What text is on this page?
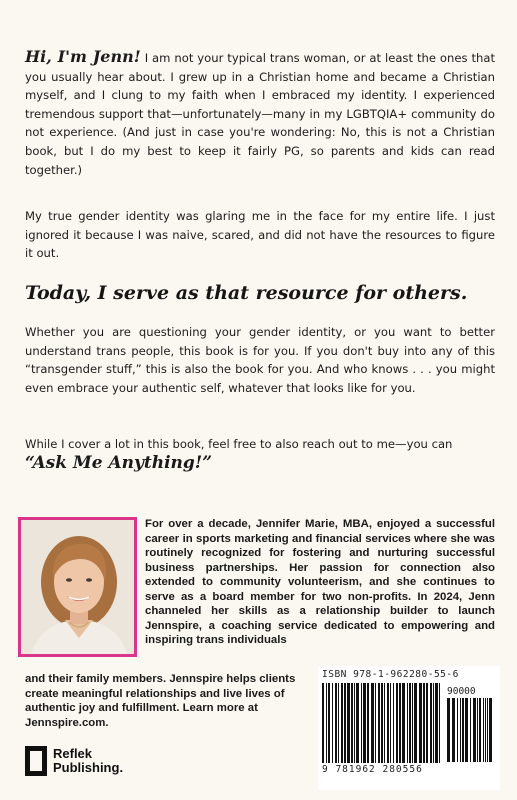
Hi, I'm Jenn! I am not your typical trans woman, or at least the ones that you usually hear about. I grew up in a Christian home and became a Christian myself, and I clung to my faith when I embraced my identity. I experienced tremendous support that—unfortunately—many in my LGBTQIA+ community do not experience. (And just in case you're wondering: No, this is not a Christian book, but I do my best to keep it fairly PG, so parents and kids can read together.)
My true gender identity was glaring me in the face for my entire life. I just ignored it because I was naive, scared, and did not have the resources to figure it out.
Today, I serve as that resource for others.
Whether you are questioning your gender identity, or you want to better understand trans people, this book is for you. If you don't buy into any of this “transgender stuff,” this is also the book for you. And who knows . . . you might even embrace your authentic self, whatever that looks like for you.
While I cover a lot in this book, feel free to also reach out to me—you can
“Ask Me Anything!”
For over a decade, Jennifer Marie, MBA, enjoyed a successful career in sports marketing and financial services where she was routinely recognized for fostering and nurturing successful business partnerships. Her passion for connection also extended to community volunteerism, and she continues to serve as a board member for two non-profits. In 2024, Jenn channeled her skills as a relationship builder to launch Jennspire, a coaching service dedicated to empowering and inspiring trans individuals
and their family members. Jennspire helps clients create meaningful relationships and live lives of authentic joy and fulfillment. Learn more at Jennspire.com.
Reflek
Publishing.
ISBN 978-1-962280-55-6
90000
9 781962 280556
